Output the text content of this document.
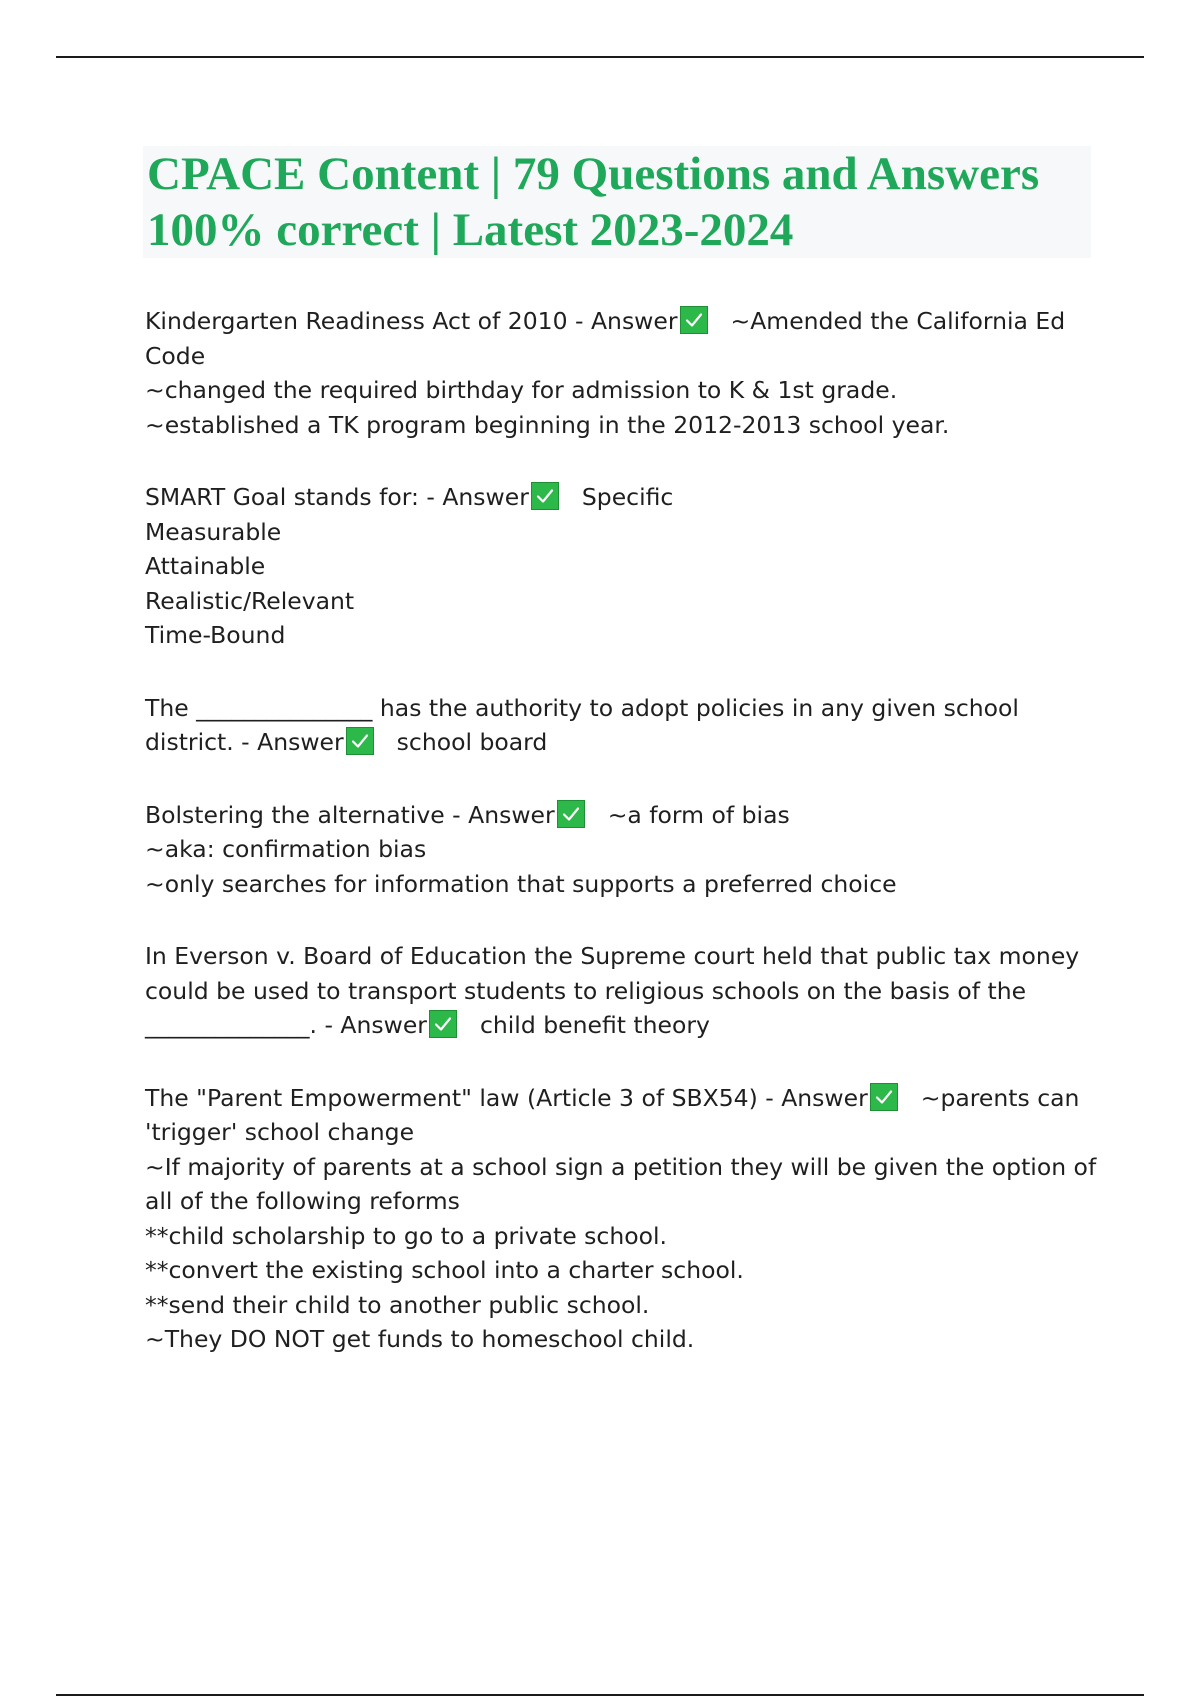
CPACE Content | 79 Questions and Answers
100% correct | Latest 2023-2024
Kindergarten Readiness Act of 2010 - Answer ~Amended the California Ed
Code
~changed the required birthday for admission to K & 1st grade.
~established a TK program beginning in the 2012-2013 school year.
SMART Goal stands for: - Answer Specific
Measurable
Attainable
Realistic/Relevant
Time-Bound
The _______________ has the authority to adopt policies in any given school
district. - Answer school board
Bolstering the alternative - Answer ~a form of bias
~aka: confirmation bias
~only searches for information that supports a preferred choice
In Everson v. Board of Education the Supreme court held that public tax money
could be used to transport students to religious schools on the basis of the
______________. - Answer child benefit theory
The "Parent Empowerment" law (Article 3 of SBX54) - Answer ~parents can
'trigger' school change
~If majority of parents at a school sign a petition they will be given the option of
all of the following reforms
**child scholarship to go to a private school.
**convert the existing school into a charter school.
**send their child to another public school.
~They DO NOT get funds to homeschool child.
